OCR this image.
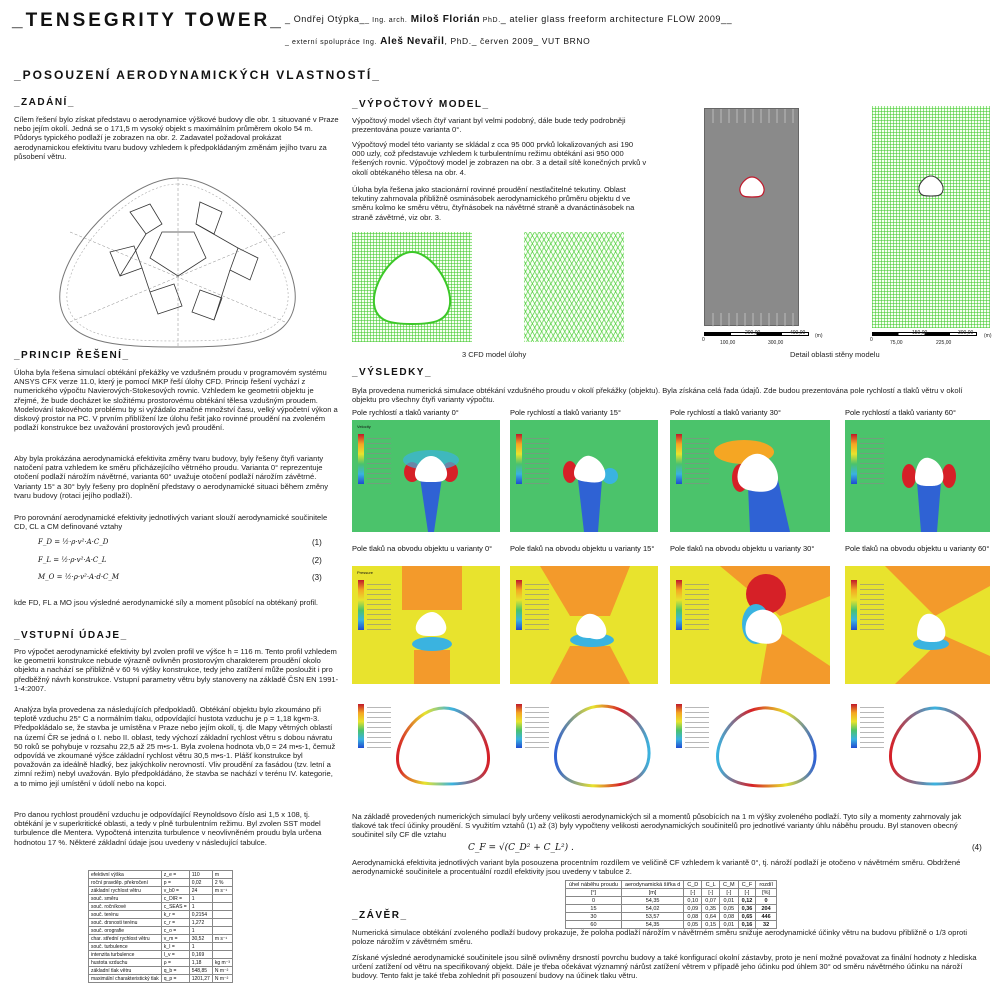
_TENSEGRITY TOWER_ _ Ondřej Otýpka__ Ing. arch. Miloš Florián PhD._ atelier glass freeform architecture FLOW 2009__
_ externí spolupráce Ing. Aleš Nevařil, PhD._ červen 2009_ VUT BRNO
_POSOUZENÍ AERODYNAMICKÝCH VLASTNOSTÍ_
_ZADÁNÍ_
Cílem řešení bylo získat představu o aerodynamice výškové budovy dle obr. 1 situované v Praze nebo jejím okolí. Jedná se o 171,5 m vysoký objekt s maximálním průměrem okolo 54 m. Půdorys typického podlaží je zobrazen na obr. 2. Zadavatel požadoval prokázat aerodynamickou efektivitu tvaru budovy vzhledem k předpokládaným změnám jejího tvaru za působení větru.
_PRINCIP ŘEŠENÍ_
Úloha byla řešena simulací obtékání překážky ve vzdušném proudu v programovém systému ANSYS CFX verze 11.0, který je pomocí MKP řeší úlohy CFD. Princip řešení vychází z numerického výpočtu Navierových-Stokesových rovnic. Vzhledem ke geometrii objektu je zřejmé, že bude docházet ke složitému prostorovému obtékání tělesa vzdušným proudem. Modelování takovéhoto problému by si vyžádalo značné množství času, velký výpočetní výkon a diskový prostor na PC. V prvním přiblížení lze úlohu řešit jako rovinné proudění na zvoleném podlaží konstrukce bez uvažování prostorových jevů proudění.
Aby byla prokázána aerodynamická efektivita změny tvaru budovy, byly řešeny čtyři varianty natočení patra vzhledem ke směru přicházejícího větrného proudu. Varianta 0° reprezentuje otočení podlaží nárožím návětrné, varianta 60° uvažuje otočení podlaží nárožím závětrné. Varianty 15° a 30° byly řešeny pro doplnění představy o aerodynamické situaci během změny tvaru budovy (rotaci jejího podlaží).
Pro porovnání aerodynamické efektivity jednotlivých variant slouží aerodynamické součinitele CD, CL a CM definované vztahy
F_D = ½·ρ·v²·A·C_D	(1)
F_L = ½·ρ·v²·A·C_L	(2)
M_O = ½·ρ·v²·A·d·C_M	(3)
kde FD, FL a MO jsou výsledné aerodynamické síly a moment působící na obtékaný profil.
_VSTUPNÍ ÚDAJE_
Pro výpočet aerodynamické efektivity byl zvolen profil ve výšce h = 116 m. Tento profil vzhledem ke geometrii konstrukce nebude výrazně ovlivněn prostorovým charakterem proudění okolo objektu a nachází se přibližně v 60 % výšky konstrukce, tedy jeho zatížení může posloužit i pro předběžný návrh konstrukce. Vstupní parametry větru byly stanoveny na základě ČSN EN 1991-1-4:2007.
Analýza byla provedena za následujících předpokladů. Obtékání objektu bylo zkoumáno při teplotě vzduchu 25° C a normálním tlaku, odpovídající hustota vzduchu je ρ = 1,18 kg•m-3. Předpokládalo se, že stavba je umístěna v Praze nebo jejím okolí, tj. dle Mapy větrných oblastí na území ČR se jedná o I. nebo II. oblast, tedy výchozí základní rychlost větru s dobou návratu 50 roků se pohybuje v rozsahu 22,5 až 25 m•s-1. Byla zvolena hodnota vb,0 = 24 m•s-1, čemuž odpovídá ve zkoumané výšce základní rychlost větru 30,5 m•s-1. Plášť konstrukce byl považován za ideálně hladký, bez jakýchkoliv nerovností. Vliv proudění za fasádou (tzv. letní a zimní režim) nebyl uvažován. Bylo předpokládáno, že stavba se nachází v terénu IV. kategorie, a to mimo její umístění v údolí nebo na kopci.
Pro danou rychlost proudění vzduchu je odpovídající Reynoldsovo číslo asi 1,5 x 108, tj. obtékání je v superkritické oblasti, a tedy v plně turbulentním režimu. Byl zvolen SST model turbulence dle Mentera. Vypočtená intenzita turbulence v neovlivněném proudu byla určena hodnotou 17 %. Některé základní údaje jsou uvedeny v následující tabulce.
efektivní výška	z_e =	110	m
roční pravděp. překročení	p =	0,02	2 %
základní rychlost větru	v_b0 =	24	m s⁻¹
souč. směru	c_DIR =	1	
souč. ročníkové	c_SEAS =	1	
souč. terénu	k_r =	0,2154	
souč. drsnosti terénu	c_r =	1,272	
souč. orografie	c_o =	1	
char. střední rychlost větru	v_m =	30,52	m s⁻¹
souč. turbulence	k_I =	1	
intenzita turbulence	I_v =	0,169	
hustota vzduchu	ρ =	1,18	kg m⁻³
základní tlak větru	q_b =	548,85	N m⁻²
maximální charakteristický tlak	q_p =	1201,27	N m⁻²
_VÝPOČTOVÝ MODEL_
Výpočtový model všech čtyř variant byl velmi podobný, dále bude tedy podrobněji prezentována pouze varianta 0°.
Výpočtový model této varianty se skládal z cca 95 000 prvků lokalizovaných asi 190 000 uzly, což představuje vzhledem k turbulentnímu režimu obtékání asi 950 000 řešených rovnic. Výpočtový model je zobrazen na obr. 3 a detail sítě konečných prvků v okolí obtékaného tělesa na obr. 4.
Úloha byla řešena jako stacionární rovinné proudění nestlačitelné tekutiny. Oblast tekutiny zahrnovala přibližně osminásobek aerodynamického průměru objektu d ve směru kolmo ke směru větru, čtyřnásobek na návětrné straně a dvanáctinásobek na straně závětrné, viz obr. 3.
3 CFD model úlohy
0
200,00	400,00 (m)
100,00	300,00	0
150,00	300,00 (m)
75,00	225,00
Detail oblasti stěny modelu
_VÝSLEDKY_
Byla provedena numerická simulace obtékání vzdušného proudu v okolí překážky (objektu). Byla získána celá řada údajů. Zde budou prezentována pole rychlostí a tlaků větru v okolí objektu pro všechny čtyři varianty výpočtu.
Pole rychlostí a tlaků varianty 0°	Pole rychlostí a tlaků varianty 15°	Pole rychlostí a tlaků varianty 30°	Pole rychlostí a tlaků varianty 60°
Velocity
Pole tlaků na obvodu objektu u varianty 0°	Pole tlaků na obvodu objektu u varianty 15°	Pole tlaků na obvodu objektu u varianty 30°	Pole tlaků na obvodu objektu u varianty 60°
Pressure
Na základě provedených numerických simulací byly určeny velikosti aerodynamických sil a momentů působících na 1 m výšky zvoleného podlaží. Tyto síly a momenty zahrnovaly jak tlakové tak třecí účinky proudění. S využitím vztahů (1) až (3) byly vypočteny velikosti aerodynamických součinitelů pro jednotlivé varianty úhlu náběhu proudu. Byl stanoven obecný součinitel síly CF dle vztahu
C_F = √(C_D² + C_L²) .	(4)
Aerodynamická efektivita jednotlivých variant byla posouzena procentním rozdílem ve veličině CF vzhledem k variantě 0°, tj. nároží podlaží je otočeno v návětrném směru. Obdržené aerodynamické součinitele a procentuální rozdíl efektivity jsou uvedeny v tabulce 2.
úhel náběhu proudu	aerodynamická šířka d	C_D	C_L	C_M	C_F	rozdíl
[°]	[m]	[-]	[-]	[-]	[-]	[%]
0	54,35	0,10	0,07	0,01	0,12	0
15	54,02	0,09	0,35	0,05	0,36	204
30	53,57	0,08	0,64	0,08	0,65	446
60	54,35	0,05	0,15	0,01	0,16	32
_ZÁVĚR_
Numerická simulace obtékání zvoleného podlaží budovy prokazuje, že poloha podlaží nárožím v návětrném směru snižuje aerodynamické účinky větru na budovu přibližně o 1/3 oproti poloze nárožím v závětrném směru.
Získané výsledné aerodynamické součinitele jsou silně ovlivněny drsností povrchu budovy a také konfigurací okolní zástavby, proto je není možné považovat za finální hodnoty z hlediska určení zatížení od větru na specifikovaný objekt. Dále je třeba očekávat významný nárůst zatížení větrem v případě jeho účinku pod úhlem 30° od směru návětrného účinku na nároží budovy. Tento fakt je také třeba zohlednit při posouzení budovy na účinek tlaku větru.
